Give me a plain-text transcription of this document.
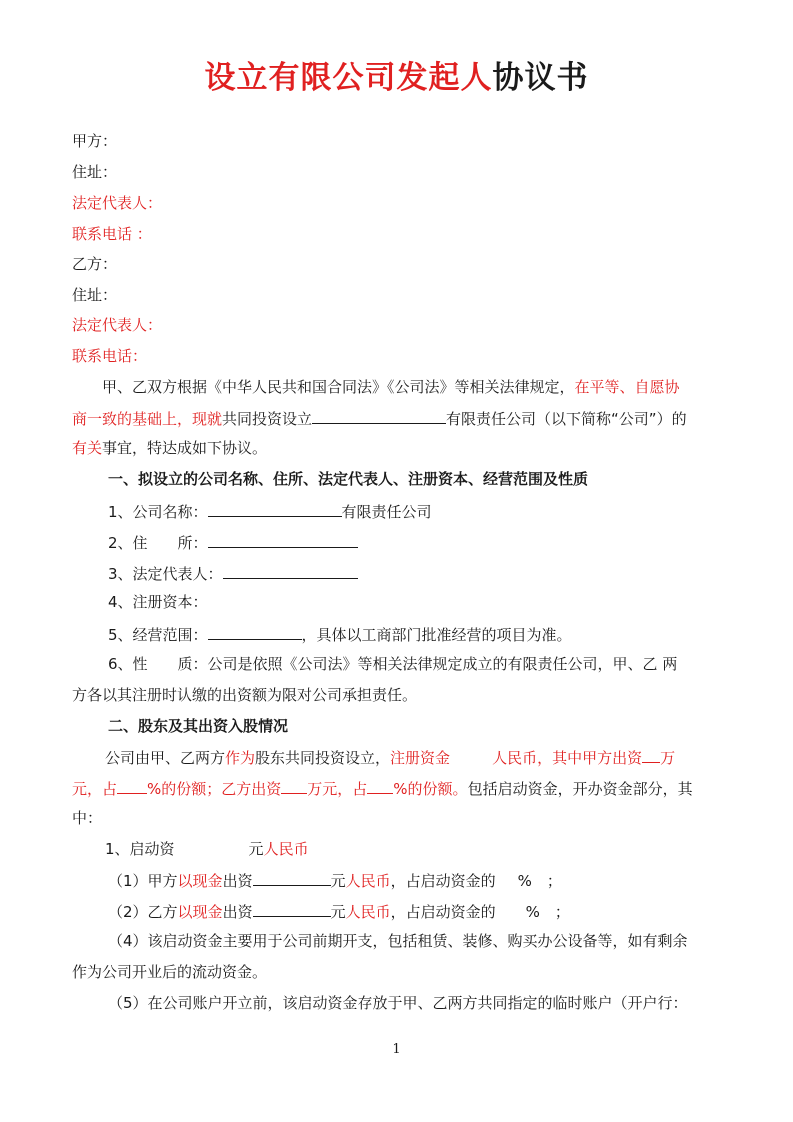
设立有限公司发起人协议书
甲方：
住址：
法定代表人：
联系电话 ：
乙方：
住址：
法定代表人：
联系电话：
甲、乙双方根据《中华人民共和国合同法》《公司法》等相关法律规定，在平等、自愿协
商一致的基础上，现就共同投资设立	有限责任公司（以下简称“公司”）的
有关事宜，特达成如下协议。
一、拟设立的公司名称、住所、法定代表人、注册资本、经营范围及性质
1、公司名称：	有限责任公司
2、住　　所：
3、法定代表人：
4、注册资本：
5、经营范围：	，具体以工商部门批准经营的项目为准。
6、性　　质：公司是依照《公司法》等相关法律规定成立的有限责任公司，甲、乙 两
方各以其注册时认缴的出资额为限对公司承担责任。
二、股东及其出资入股情况
公司由甲、乙两方作为股东共同投资设立，注册资金	人民币，其中甲方出资 万
元，占 %的份额；乙方出资 万元，占 %的份额。包括启动资金，开办资金部分，其
中：
1、启动资	元人民币
（1）甲方以现金出资	元人民币，占启动资金的 %　；
（2）乙方以现金出资	元人民币，占启动资金的 %　；
（4）该启动资金主要用于公司前期开支，包括租赁、装修、购买办公设备等，如有剩余
作为公司开业后的流动资金。
（5）在公司账户开立前，该启动资金存放于甲、乙两方共同指定的临时账户（开户行：
1
